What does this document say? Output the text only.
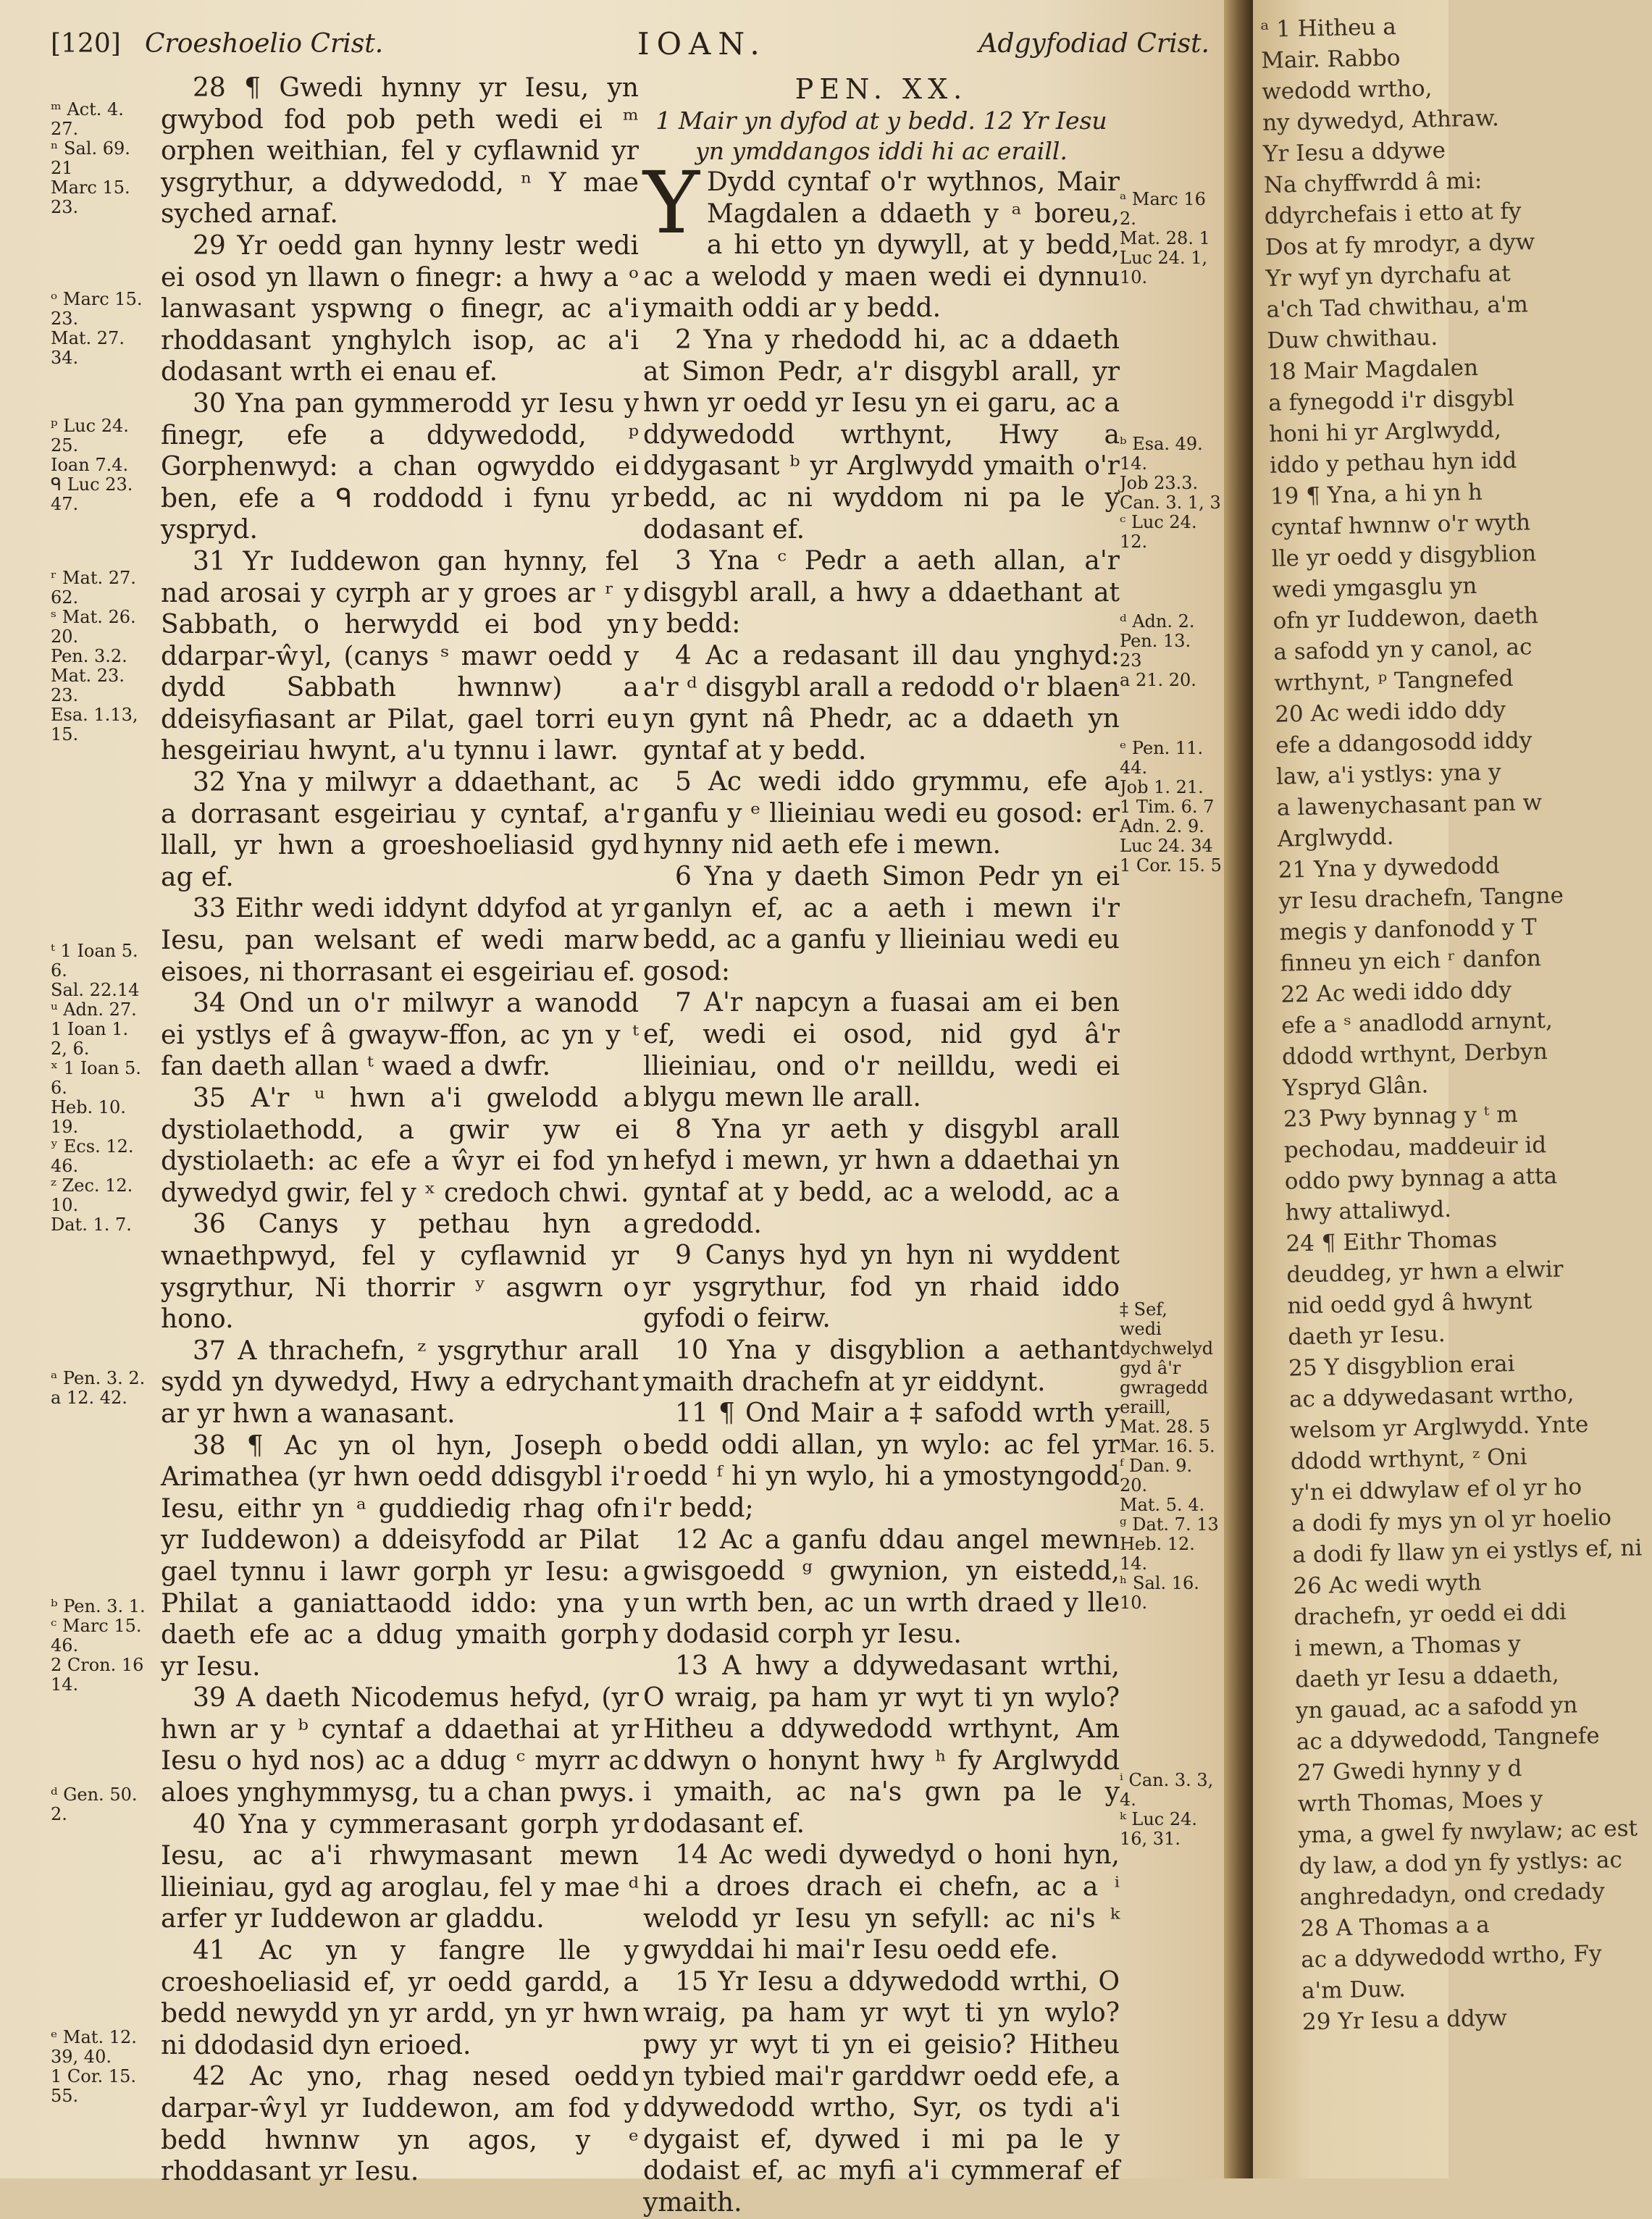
[120] Croeshoelio Crist.	IOAN.	Adgyfodiad Crist.
ᵐ Act. 4.
27.
ⁿ Sal. 69.
21
Marc 15.
23.
ᵒ Marc 15.
23.
Mat. 27.
34.
ᵖ Luc 24.
25.
Ioan 7.4.
ᑫ Luc 23.
47.
ʳ Mat. 27.
62.
ˢ Mat. 26.
20.
Pen. 3.2.
Mat. 23.
23.
Esa. 1.13,
15.
ᵗ 1 Ioan 5.
6.
Sal. 22.14
ᵘ Adn. 27.
1 Ioan 1.
2, 6.
ˣ 1 Ioan 5.
6.
Heb. 10.
19.
ʸ Ecs. 12.
46.
ᶻ Zec. 12.
10.
Dat. 1. 7.
ᵃ Pen. 3. 2.
a 12. 42.
ᵇ Pen. 3. 1.
ᶜ Marc 15.
46.
2 Cron. 16
14.
ᵈ Gen. 50.
2.
ᵉ Mat. 12.
39, 40.
1 Cor. 15.
55.

28 ¶ Gwedi hynny yr Iesu, yn gwybod fod pob peth wedi ei ᵐ orphen weithian, fel y cyflawnid yr ysgrythur, a ddywedodd, ⁿ Y mae syched arnaf.

29 Yr oedd gan hynny lestr wedi ei osod yn llawn o finegr: a hwy a ᵒ lanwasant yspwng o finegr, ac a'i rhoddasant ynghylch isop, ac a'i dodasant wrth ei enau ef.

30 Yna pan gymmerodd yr Iesu y finegr, efe a ddywedodd, ᵖ Gorphenwyd: a chan ogwyddo ei ben, efe a ᑫ roddodd i fynu yr yspryd.

31 Yr Iuddewon gan hynny, fel nad arosai y cyrph ar y groes ar ʳ y Sabbath, o herwydd ei bod yn ddarpar-ŵyl, (canys ˢ mawr oedd y dydd Sabbath hwnnw) a ddeisyfiasant ar Pilat, gael torri eu hesgeiriau hwynt, a'u tynnu i lawr.

32 Yna y milwyr a ddaethant, ac a dorrasant esgeiriau y cyntaf, a'r llall, yr hwn a groeshoeliasid gyd ag ef.

33 Eithr wedi iddynt ddyfod at yr Iesu, pan welsant ef wedi marw eisoes, ni thorrasant ei esgeiriau ef.

34 Ond un o'r milwyr a wanodd ei ystlys ef â gwayw-ffon, ac yn y ᵗ fan daeth allan ᵗ waed a dwfr.

35 A'r ᵘ hwn a'i gwelodd a dystiolaethodd, a gwir yw ei dystiolaeth: ac efe a ŵyr ei fod yn dywedyd gwir, fel y ˣ credoch chwi.

36 Canys y pethau hyn a wnaethpwyd, fel y cyflawnid yr ysgrythur, Ni thorrir ʸ asgwrn o hono.

37 A thrachefn, ᶻ ysgrythur arall sydd yn dywedyd, Hwy a edrychant ar yr hwn a wanasant.

38 ¶ Ac yn ol hyn, Joseph o Arimathea (yr hwn oedd ddisgybl i'r Iesu, eithr yn ᵃ guddiedig rhag ofn yr Iuddewon) a ddeisyfodd ar Pilat gael tynnu i lawr gorph yr Iesu: a Philat a ganiattaodd iddo: yna y daeth efe ac a ddug ymaith gorph yr Iesu.

39 A daeth Nicodemus hefyd, (yr hwn ar y ᵇ cyntaf a ddaethai at yr Iesu o hyd nos) ac a ddug ᶜ myrr ac aloes ynghymmysg, tu a chan pwys.

40 Yna y cymmerasant gorph yr Iesu, ac a'i rhwymasant mewn llieiniau, gyd ag aroglau, fel y mae ᵈ arfer yr Iuddewon ar gladdu.

41 Ac yn y fangre lle y croeshoeliasid ef, yr oedd gardd, a bedd newydd yn yr ardd, yn yr hwn ni ddodasid dyn erioed.

42 Ac yno, rhag nesed oedd darpar-ŵyl yr Iuddewon, am fod y bedd hwnnw yn agos, y ᵉ rhoddasant yr Iesu.

PEN. XX.

1 Mair yn dyfod at y bedd. 12 Yr Iesu yn ymddangos iddi hi ac eraill.

Y Dydd cyntaf o'r wythnos, Mair Magdalen a ddaeth y ᵃ boreu, a hi etto yn dywyll, at y bedd, ac a welodd y maen wedi ei dynnu ymaith oddi ar y bedd.

2 Yna y rhedodd hi, ac a ddaeth at Simon Pedr, a'r disgybl arall, yr hwn yr oedd yr Iesu yn ei garu, ac a ddywedodd wrthynt, Hwy a ddygasant ᵇ yr Arglwydd ymaith o'r bedd, ac ni wyddom ni pa le y dodasant ef.

3 Yna ᶜ Pedr a aeth allan, a'r disgybl arall, a hwy a ddaethant at y bedd:

4 Ac a redasant ill dau ynghyd: a'r ᵈ disgybl arall a redodd o'r blaen yn gynt nâ Phedr, ac a ddaeth yn gyntaf at y bedd.

5 Ac wedi iddo grymmu, efe a ganfu y ᵉ llieiniau wedi eu gosod: er hynny nid aeth efe i mewn.

6 Yna y daeth Simon Pedr yn ei ganlyn ef, ac a aeth i mewn i'r bedd, ac a ganfu y llieiniau wedi eu gosod:

7 A'r napcyn a fuasai am ei ben ef, wedi ei osod, nid gyd â'r llieiniau, ond o'r neilldu, wedi ei blygu mewn lle arall.

8 Yna yr aeth y disgybl arall hefyd i mewn, yr hwn a ddaethai yn gyntaf at y bedd, ac a welodd, ac a gredodd.

9 Canys hyd yn hyn ni wyddent yr ysgrythur, fod yn rhaid iddo gyfodi o feirw.

10 Yna y disgyblion a aethant ymaith drachefn at yr eiddynt.

11 ¶ Ond Mair a ‡ safodd wrth y bedd oddi allan, yn wylo: ac fel yr oedd ᶠ hi yn wylo, hi a ymostyngodd i'r bedd;

12 Ac a ganfu ddau angel mewn gwisgoedd ᵍ gwynion, yn eistedd, un wrth ben, ac un wrth draed y lle y dodasid corph yr Iesu.

13 A hwy a ddywedasant wrthi, O wraig, pa ham yr wyt ti yn wylo? Hitheu a ddywedodd wrthynt, Am ddwyn o honynt hwy ʰ fy Arglwydd i ymaith, ac na's gwn pa le y dodasant ef.

14 Ac wedi dywedyd o honi hyn, hi a droes drach ei chefn, ac a ⁱ welodd yr Iesu yn sefyll: ac ni's ᵏ gwyddai hi mai'r Iesu oedd efe.

15 Yr Iesu a ddywedodd wrthi, O wraig, pa ham yr wyt ti yn wylo? pwy yr wyt ti yn ei geisio? Hitheu yn tybied mai'r garddwr oedd efe, a ddywedodd wrtho, Syr, os tydi a'i dygaist ef, dywed i mi pa le y dodaist ef, ac myfi a'i cymmeraf ef ymaith.

ᵃ Marc 16
2.
Mat. 28. 1
Luc 24. 1,
10.
ᵇ Esa. 49.
14.
Job 23.3.
Can. 3. 1, 3
ᶜ Luc 24.
12.
ᵈ Adn. 2.
Pen. 13.
23
a 21. 20.
ᵉ Pen. 11.
44.
Job 1. 21.
1 Tim. 6. 7
Adn. 2. 9.
Luc 24. 34
1 Cor. 15. 5
‡ Sef,
wedi dychwelyd
gyd â'r
gwragedd
eraill,
Mat. 28. 5
Mar. 16. 5.
ᶠ Dan. 9.
20.
Mat. 5. 4.
ᵍ Dat. 7. 13
Heb. 12.
14.
ʰ Sal. 16.
10.
ⁱ Can. 3. 3,
4.
ᵏ Luc 24.
16, 31.
ᵃ 1 Hitheu a
Mair. Rabbo
wedodd wrtho,
ny dywedyd, Athraw.
Yr Iesu a ddywe
Na chyffwrdd â mi:
ddyrchefais i etto at fy
Dos at fy mrodyr, a dyw
Yr wyf yn dyrchafu at
a'ch Tad chwithau, a'm
Duw chwithau.
18 Mair Magdalen
a fynegodd i'r disgybl
honi hi yr Arglwydd,
iddo y pethau hyn idd
19 ¶ Yna, a hi yn h
cyntaf hwnnw o'r wyth
lle yr oedd y disgyblion
wedi ymgasglu yn
ofn yr Iuddewon, daeth
a safodd yn y canol, ac
wrthynt, ᵖ Tangnefed
20 Ac wedi iddo ddy
efe a ddangosodd iddy
law, a'i ystlys: yna y
a lawenychasant pan w
Arglwydd.
21 Yna y dywedodd
yr Iesu drachefn, Tangne
megis y danfonodd y T
finneu yn eich ʳ danfon
22 Ac wedi iddo ddy
efe a ˢ anadlodd arnynt,
ddodd wrthynt, Derbyn
Yspryd Glân.
23 Pwy bynnag y ᵗ m
pechodau, maddeuir id
oddo pwy bynnag a atta
hwy attaliwyd.
24 ¶ Eithr Thomas
deuddeg, yr hwn a elwir
nid oedd gyd â hwynt
daeth yr Iesu.
25 Y disgyblion erai
ac a ddywedasant wrtho,
welsom yr Arglwydd. Ynte
ddodd wrthynt, ᶻ Oni
y'n ei ddwylaw ef ol yr ho
a dodi fy mys yn ol yr hoelio
a dodi fy llaw yn ei ystlys ef, ni
26 Ac wedi wyth
drachefn, yr oedd ei ddi
i mewn, a Thomas y
daeth yr Iesu a ddaeth,
yn gauad, ac a safodd yn
ac a ddywedodd, Tangnefe
27 Gwedi hynny y d
wrth Thomas, Moes y
yma, a gwel fy nwylaw; ac est
dy law, a dod yn fy ystlys: ac
anghredadyn, ond credady
28 A Thomas a a
ac a ddywedodd wrtho, Fy
a'm Duw.
29 Yr Iesu a ddyw
